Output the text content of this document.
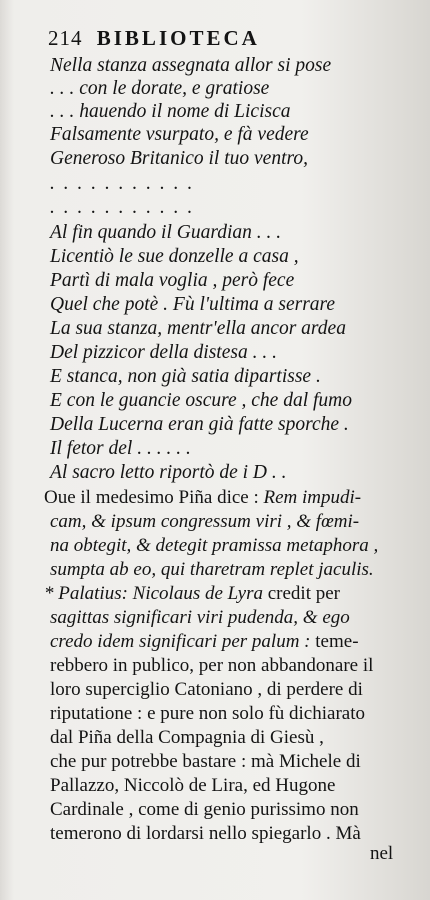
214 BIBLIOTECA
Nella stanza assegnata allor si pose
. . . con le dorate, e gratiose
. . . hauendo il nome di Licisca
Falsamente vsurpato, e fà vedere
Generoso Britanico il tuo ventro,
. . . . . . . . . . .
. . . . . . . . . . .
Al fin quando il Guardian . . .
Licentiò le sue donzelle a casa ,
Partì di mala voglia , però fece
Quel che potè . Fù l'ultima a serrare
La sua stanza, mentr'ella ancor ardea
Del pizzicor della distesa . . .
E stanca, non già satia dipartisse .
E con le guancie oscure , che dal fumo
Della Lucerna eran già fatte sporche .
Il fetor del . . . . . .
Al sacro letto riportò de i D . .
Oue il medesimo Piña dice : Rem impudi-
cam, & ipsum congressum viri , & fœmi-
na obtegit, & detegit pramissa metaphora ,
sumpta ab eo, qui tharetram replet jaculis.
* Palatius: Nicolaus de Lyra credit per
sagittas significari viri pudenda, & ego
credo idem significari per palum : teme-
rebbero in publico, per non abbandonare il
loro superciglio Catoniano , di perdere di
riputatione : e pure non solo fù dichiarato
dal Piña della Compagnia di Giesù ,
che pur potrebbe bastare : mà Michele di
Pallazzo, Niccolò de Lira, ed Hugone
Cardinale , come di genio purissimo non
temerono di lordarsi nello spiegarlo . Mà
nel
